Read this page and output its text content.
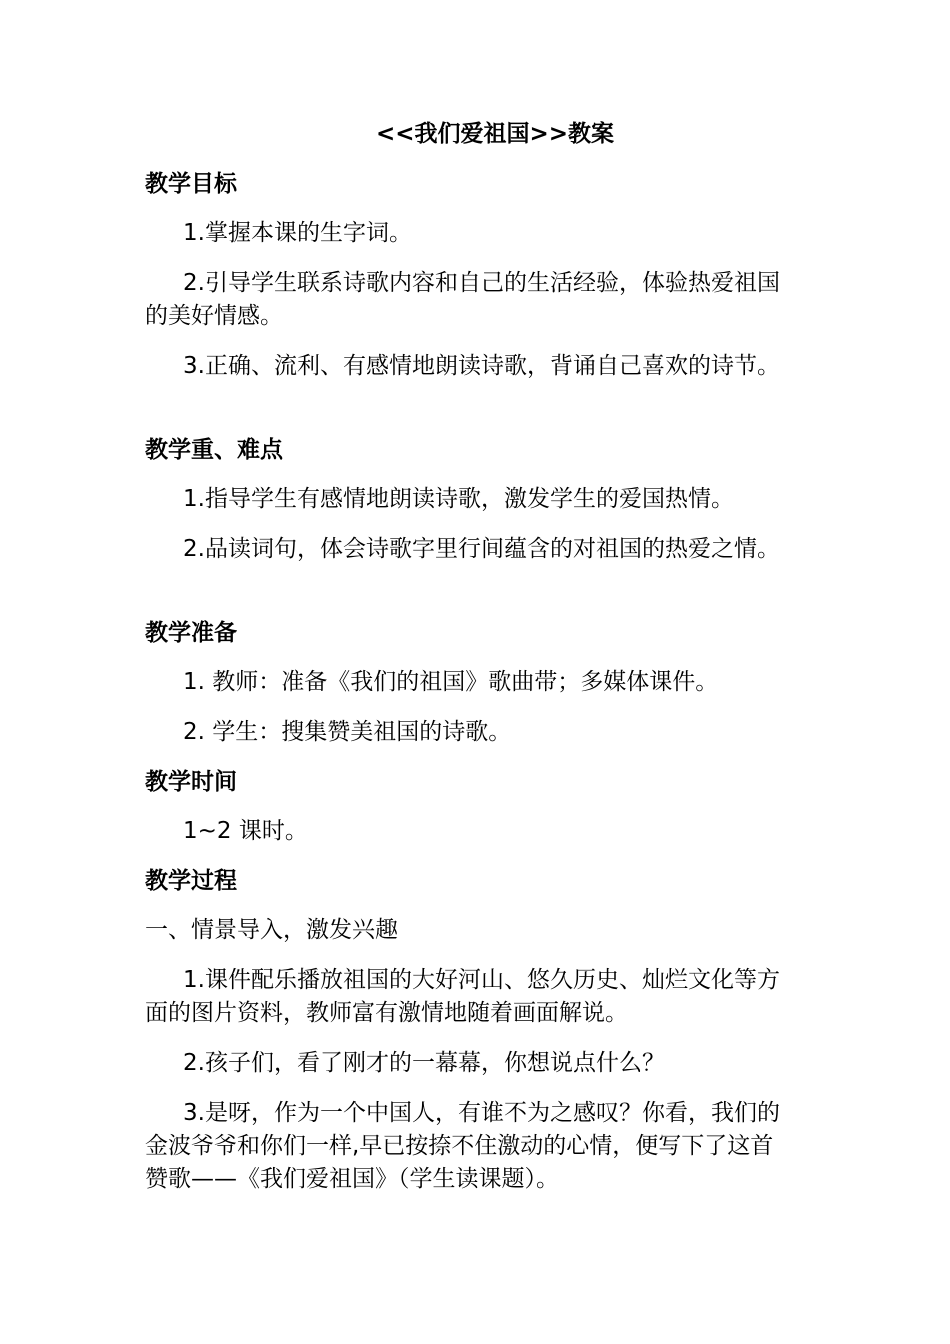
<<我们爱祖国>>教案
教学目标

1.掌握本课的生字词。

2.引导学生联系诗歌内容和自己的生活经验，体验热爱祖国的美好情感。

3.正确、流利、有感情地朗读诗歌，背诵自己喜欢的诗节。

教学重、难点

1.指导学生有感情地朗读诗歌，激发学生的爱国热情。

2.品读词句，体会诗歌字里行间蕴含的对祖国的热爱之情。

教学准备

1. 教师：准备《我们的祖国》歌曲带；多媒体课件。

2. 学生：搜集赞美祖国的诗歌。

教学时间

1~2 课时。

教学过程

一、情景导入，激发兴趣

1.课件配乐播放祖国的大好河山、悠久历史、灿烂文化等方面的图片资料，教师富有激情地随着画面解说。

2.孩子们，看了刚才的一幕幕，你想说点什么？

3.是呀，作为一个中国人，有谁不为之感叹？你看，我们的金波爷爷和你们一样,早已按捺不住激动的心情，便写下了这首赞歌——《我们爱祖国》（学生读课题）。
